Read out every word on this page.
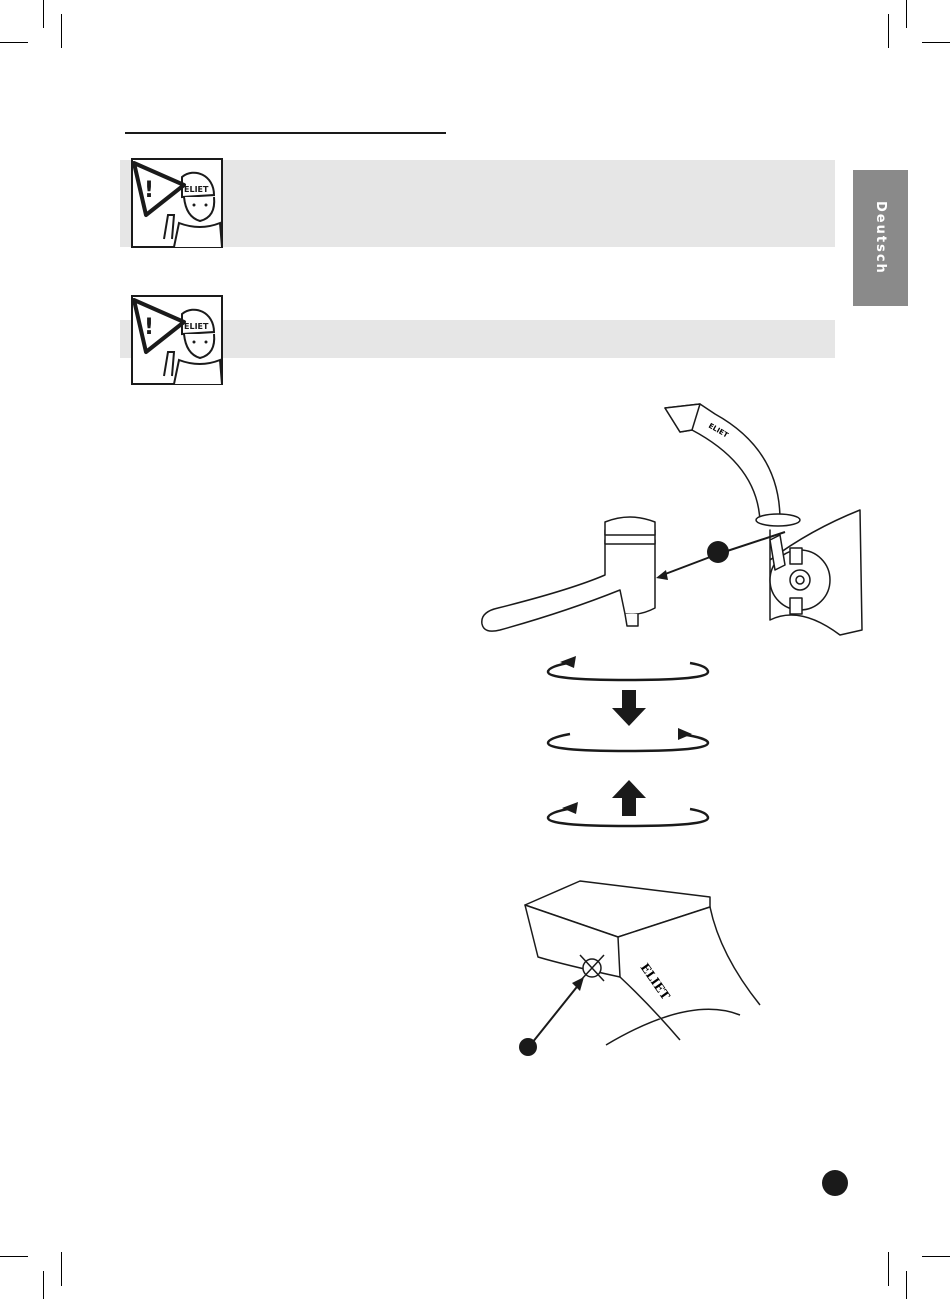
ELIET
!
ELIET
!
Deutsch
ELIET
ELIET
